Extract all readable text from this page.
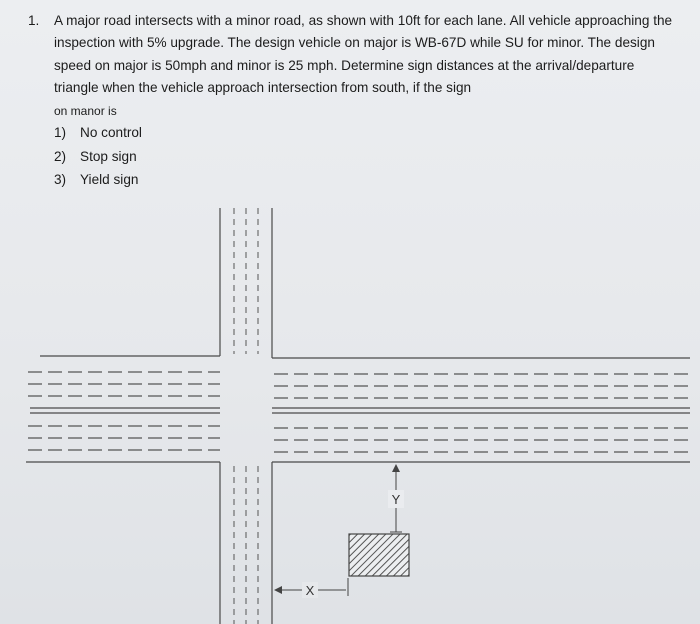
1. A major road intersects with a minor road, as shown with 10ft for each lane. All vehicle approaching the inspection with 5% upgrade. The design vehicle on major is WB-67D while SU for minor. The design speed on major is 50mph and minor is 25 mph. Determine sign distances at the arrival/departure triangle when the vehicle approach intersection from south, if the sign
on manor is
1) No control
2) Stop sign
3) Yield sign
Y
X
